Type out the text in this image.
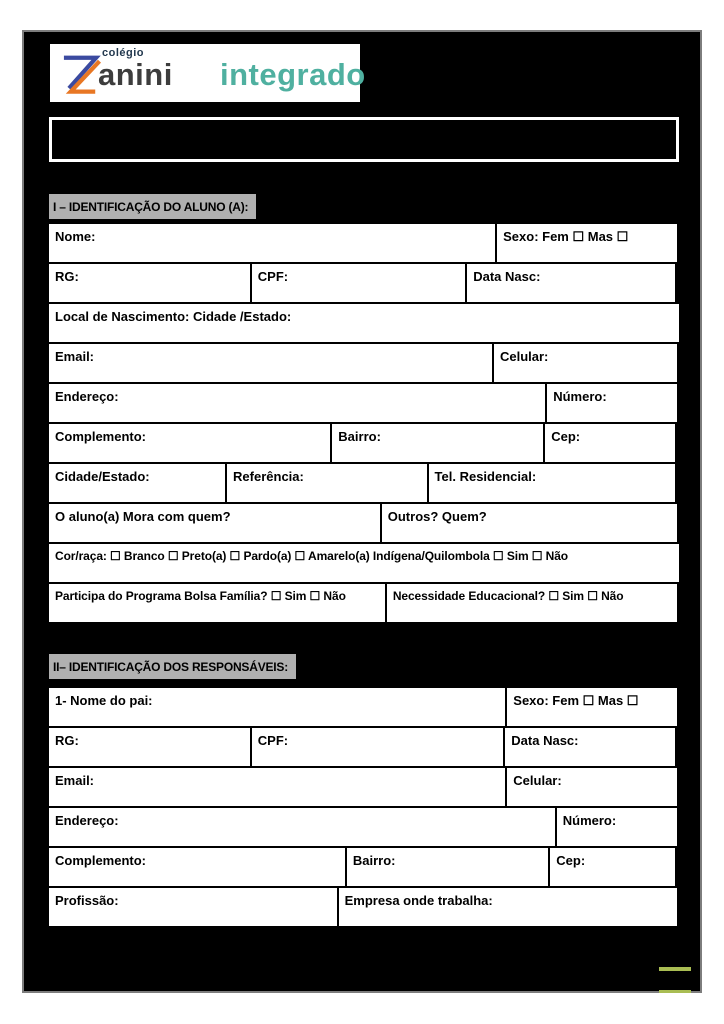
colégio
anini integrado
I – IDENTIFICAÇÃO DO ALUNO (A):
Nome:	Sexo: Fem ☐ Mas ☐
RG:	CPF:	Data Nasc:
Local de Nascimento: Cidade /Estado:
Email:	Celular:
Endereço:	Número:
Complemento:	Bairro:	Cep:
Cidade/Estado:	Referência:	Tel. Residencial:
O aluno(a) Mora com quem?	Outros? Quem?
Cor/raça: ☐ Branco ☐ Preto(a) ☐ Pardo(a) ☐ Amarelo(a) Indígena/Quilombola ☐ Sim ☐ Não
Participa do Programa Bolsa Família? ☐ Sim ☐ Não	Necessidade Educacional? ☐ Sim ☐ Não
II– IDENTIFICAÇÃO DOS RESPONSÁVEIS:
1- Nome do pai:	Sexo: Fem ☐ Mas ☐
RG:	CPF:	Data Nasc:
Email:	Celular:
Endereço:	Número:
Complemento:	Bairro:	Cep:
Profissão:	Empresa onde trabalha:
